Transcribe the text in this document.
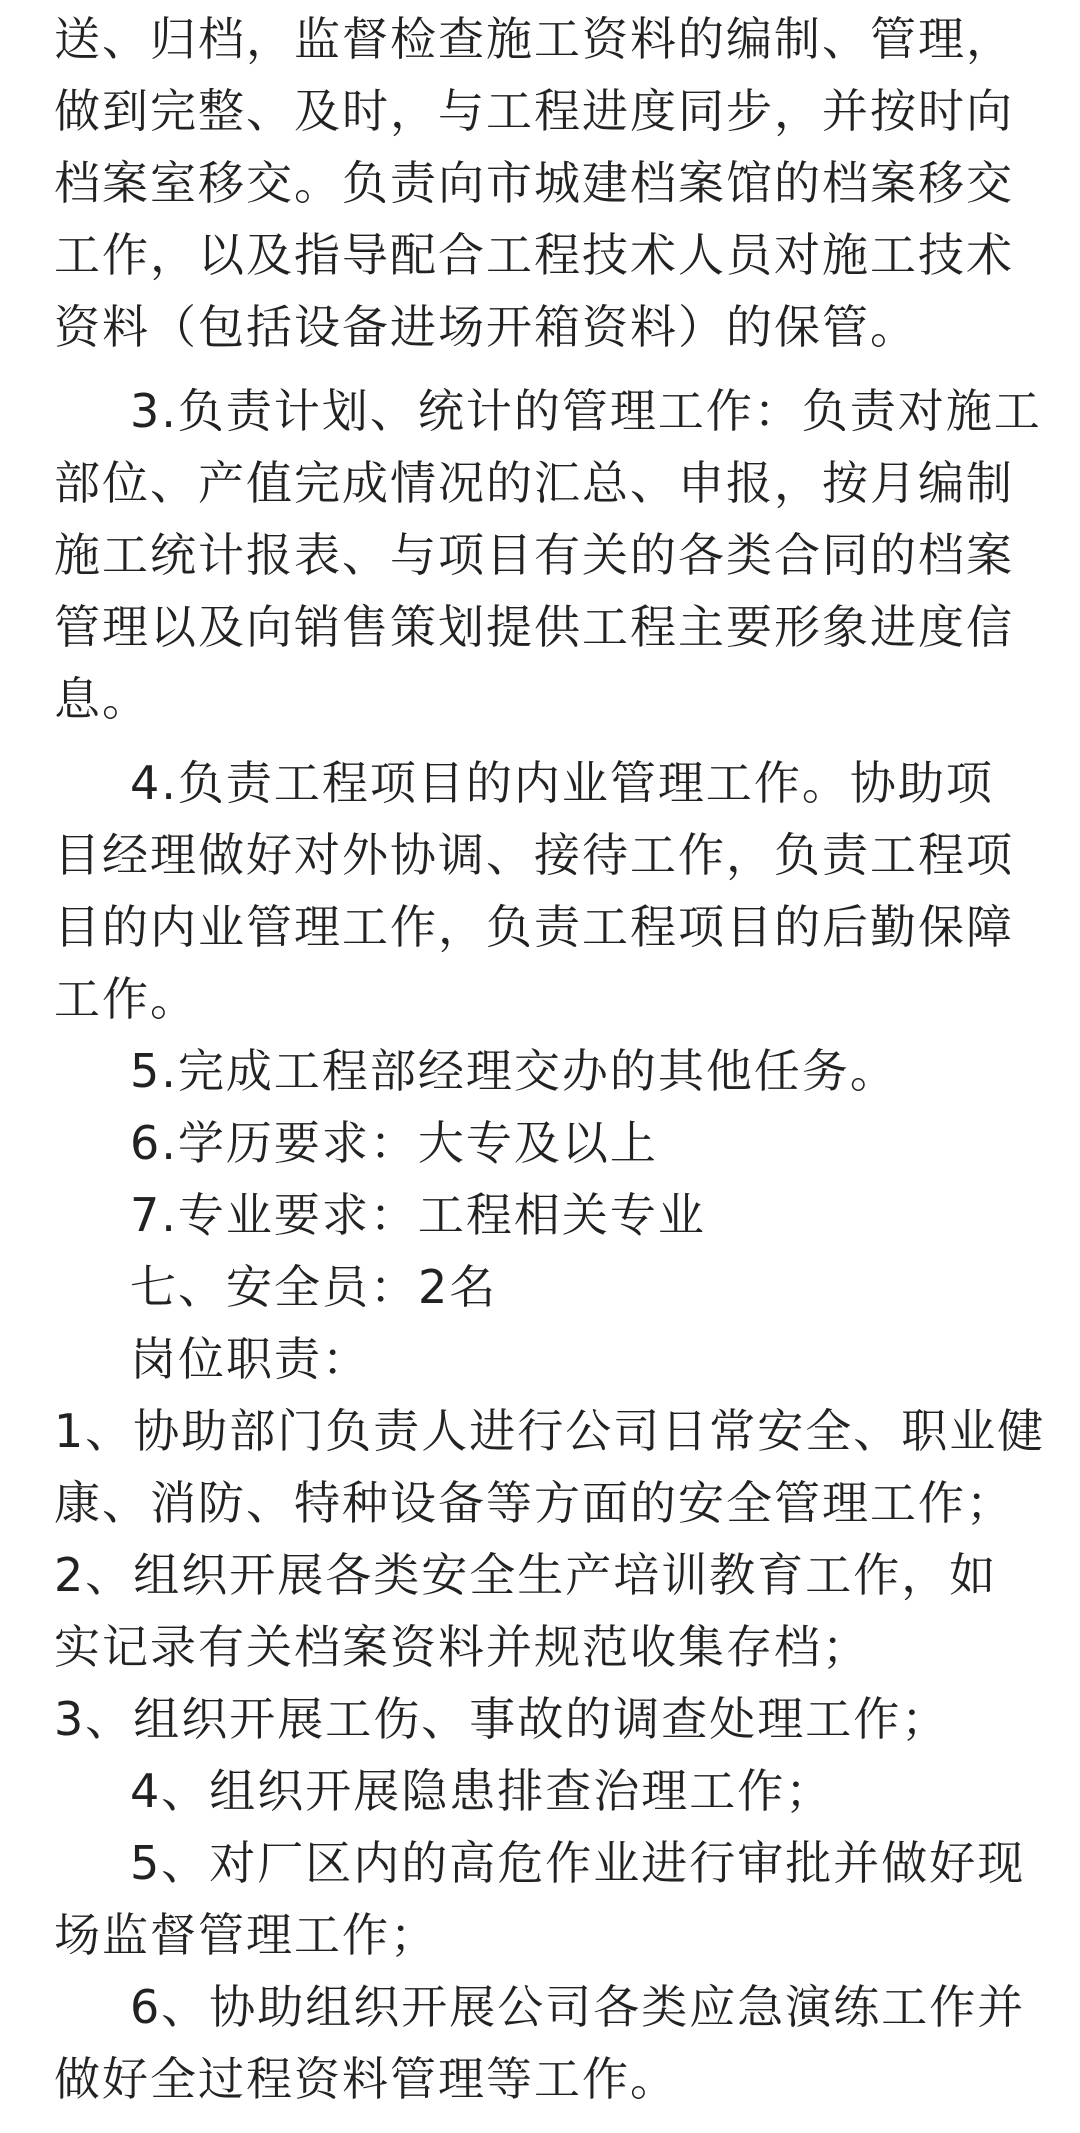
送、归档，监督检查施工资料的编制、管理，
做到完整、及时，与工程进度同步，并按时向
档案室移交。负责向市城建档案馆的档案移交
工作，以及指导配合工程技术人员对施工技术
资料（包括设备进场开箱资料）的保管。
3.负责计划、统计的管理工作：负责对施工
部位、产值完成情况的汇总、申报，按月编制
施工统计报表、与项目有关的各类合同的档案
管理以及向销售策划提供工程主要形象进度信
息。
4.负责工程项目的内业管理工作。协助项
目经理做好对外协调、接待工作，负责工程项
目的内业管理工作，负责工程项目的后勤保障
工作。
5.完成工程部经理交办的其他任务。
6.学历要求：大专及以上
7.专业要求：工程相关专业
七、安全员：2名
岗位职责：
1、协助部门负责人进行公司日常安全、职业健
康、消防、特种设备等方面的安全管理工作；
2、组织开展各类安全生产培训教育工作，如
实记录有关档案资料并规范收集存档；
3、组织开展工伤、事故的调查处理工作；
4、组织开展隐患排查治理工作；
5、对厂区内的高危作业进行审批并做好现
场监督管理工作；
6、协助组织开展公司各类应急演练工作并
做好全过程资料管理等工作。
